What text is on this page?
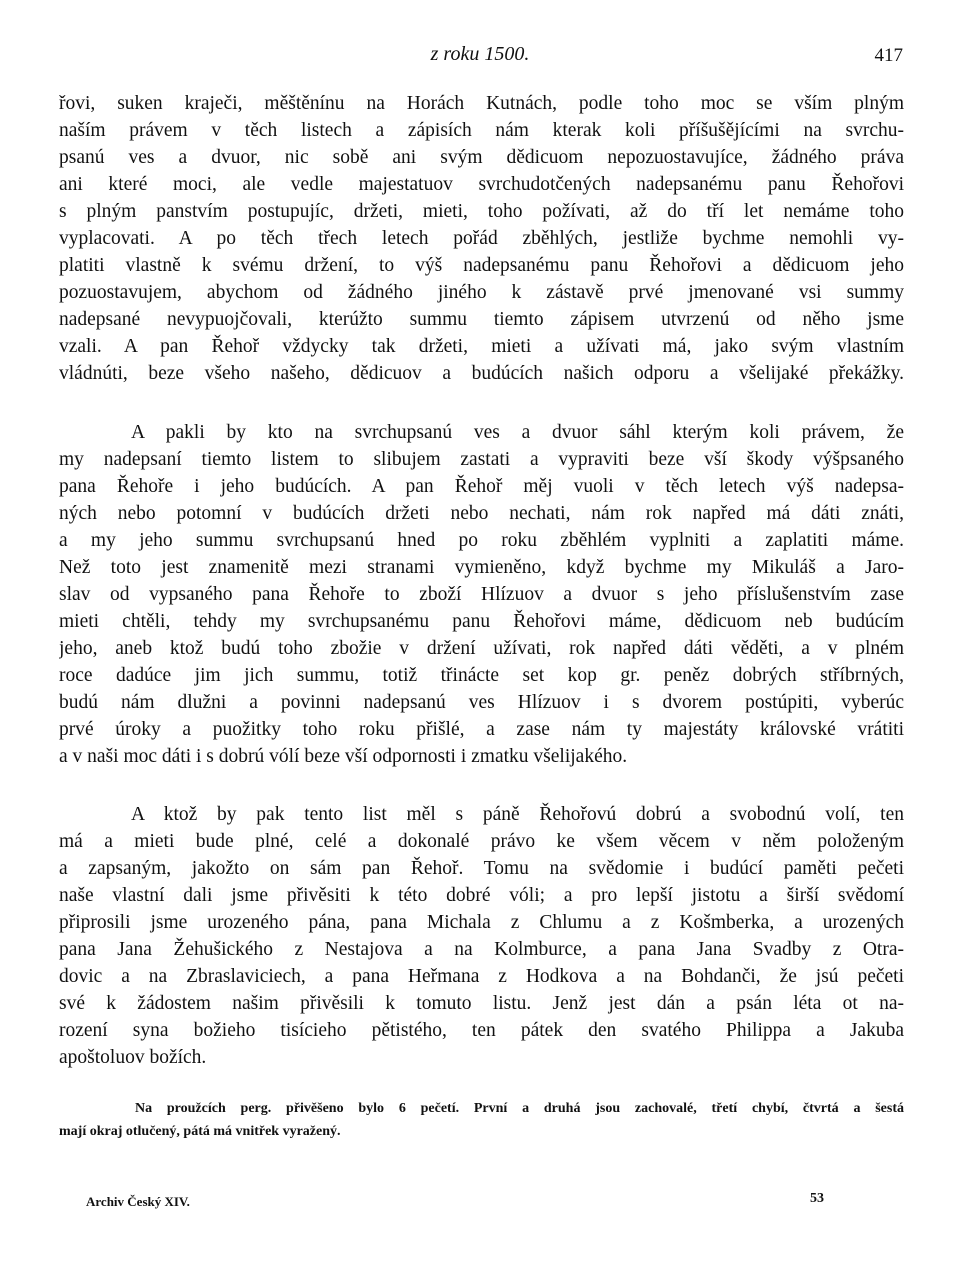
z roku 1500.	417
řovi, suken kraječi, měštěnínu na Horách Kutnách, podle toho moc se vším plným
naším právem v těch listech a zápisích nám kterak koli příšušějícími na svrchu-
psanú ves a dvuor, nic sobě ani svým dědicuom nepozuostavujíce, žádného práva
ani které moci, ale vedle majestatuov svrchudotčených nadepsanému panu Řehořovi
s plným panstvím postupujíc, držeti, mieti, toho požívati, až do tří let nemáme toho
vyplacovati. A po těch třech letech pořád zběhlých, jestliže bychme nemohli vy-
platiti vlastně k svému držení, to výš nadepsanému panu Řehořovi a dědicuom jeho
pozuostavujem, abychom od žádného jiného k zástavě prvé jmenované vsi summy
nadepsané nevypuojčovali, kterúžto summu tiemto zápisem utvrzenú od něho jsme
vzali. A pan Řehoř vždycky tak držeti, mieti a užívati má, jako svým vlastním
vládnúti, beze všeho našeho, dědicuov a budúcích našich odporu a všelijaké překážky.
A pakli by kto na svrchupsanú ves a dvuor sáhl kterým koli právem, že
my nadepsaní tiemto listem to slibujem zastati a vypraviti beze vší škody výšpsaného
pana Řehoře i jeho budúcích. A pan Řehoř měj vuoli v těch letech výš nadepsa-
ných nebo potomní v budúcích držeti nebo nechati, nám rok napřed má dáti znáti,
a my jeho summu svrchupsanú hned po roku zběhlém vyplniti a zaplatiti máme.
Než toto jest znamenitě mezi stranami vymieněno, když bychme my Mikuláš a Jaro-
slav od vypsaného pana Řehoře to zboží Hlízuov a dvuor s jeho příslušenstvím zase
mieti chtěli, tehdy my svrchupsanému panu Řehořovi máme, dědicuom neb budúcím
jeho, aneb ktož budú toho zbožie v držení užívati, rok napřed dáti věděti, a v plném
roce dadúce jim jich summu, totiž třinácte set kop gr. peněz dobrých stříbrných,
budú nám dlužni a povinni nadepsanú ves Hlízuov i s dvorem postúpiti, vyberúc
prvé úroky a puožitky toho roku přišlé, a zase nám ty majestáty královské vrátiti
a v naši moc dáti i s dobrú vólí beze vší odpornosti i zmatku všelijakého.
A ktož by pak tento list měl s páně Řehořovú dobrú a svobodnú volí, ten
má a mieti bude plné, celé a dokonalé právo ke všem věcem v něm položeným
a zapsaným, jakožto on sám pan Řehoř. Tomu na svědomie i budúcí paměti pečeti
naše vlastní dali jsme přivěsiti k této dobré vóli; a pro lepší jistotu a širší svědomí
připrosili jsme urozeného pána, pana Michala z Chlumu a z Košmberka, a urozených
pana Jana Žehušického z Nestajova a na Kolmburce, a pana Jana Svadby z Otra-
dovic a na Zbraslaviciech, a pana Heřmana z Hodkova a na Bohdanči, že jsú pečeti
své k žádostem našim přivěsili k tomuto listu. Jenž jest dán a psán léta ot na-
rození syna božieho tisícieho pětistého, ten pátek den svatého Philippa a Jakuba
apoštoluov božích.
Na proužcích perg. přivěšeno bylo 6 pečetí. První a druhá jsou zachovalé, třetí chybí, čtvrtá a šestá
mají okraj otlučený, pátá má vnitřek vyražený.
Archiv Český XIV.	53
